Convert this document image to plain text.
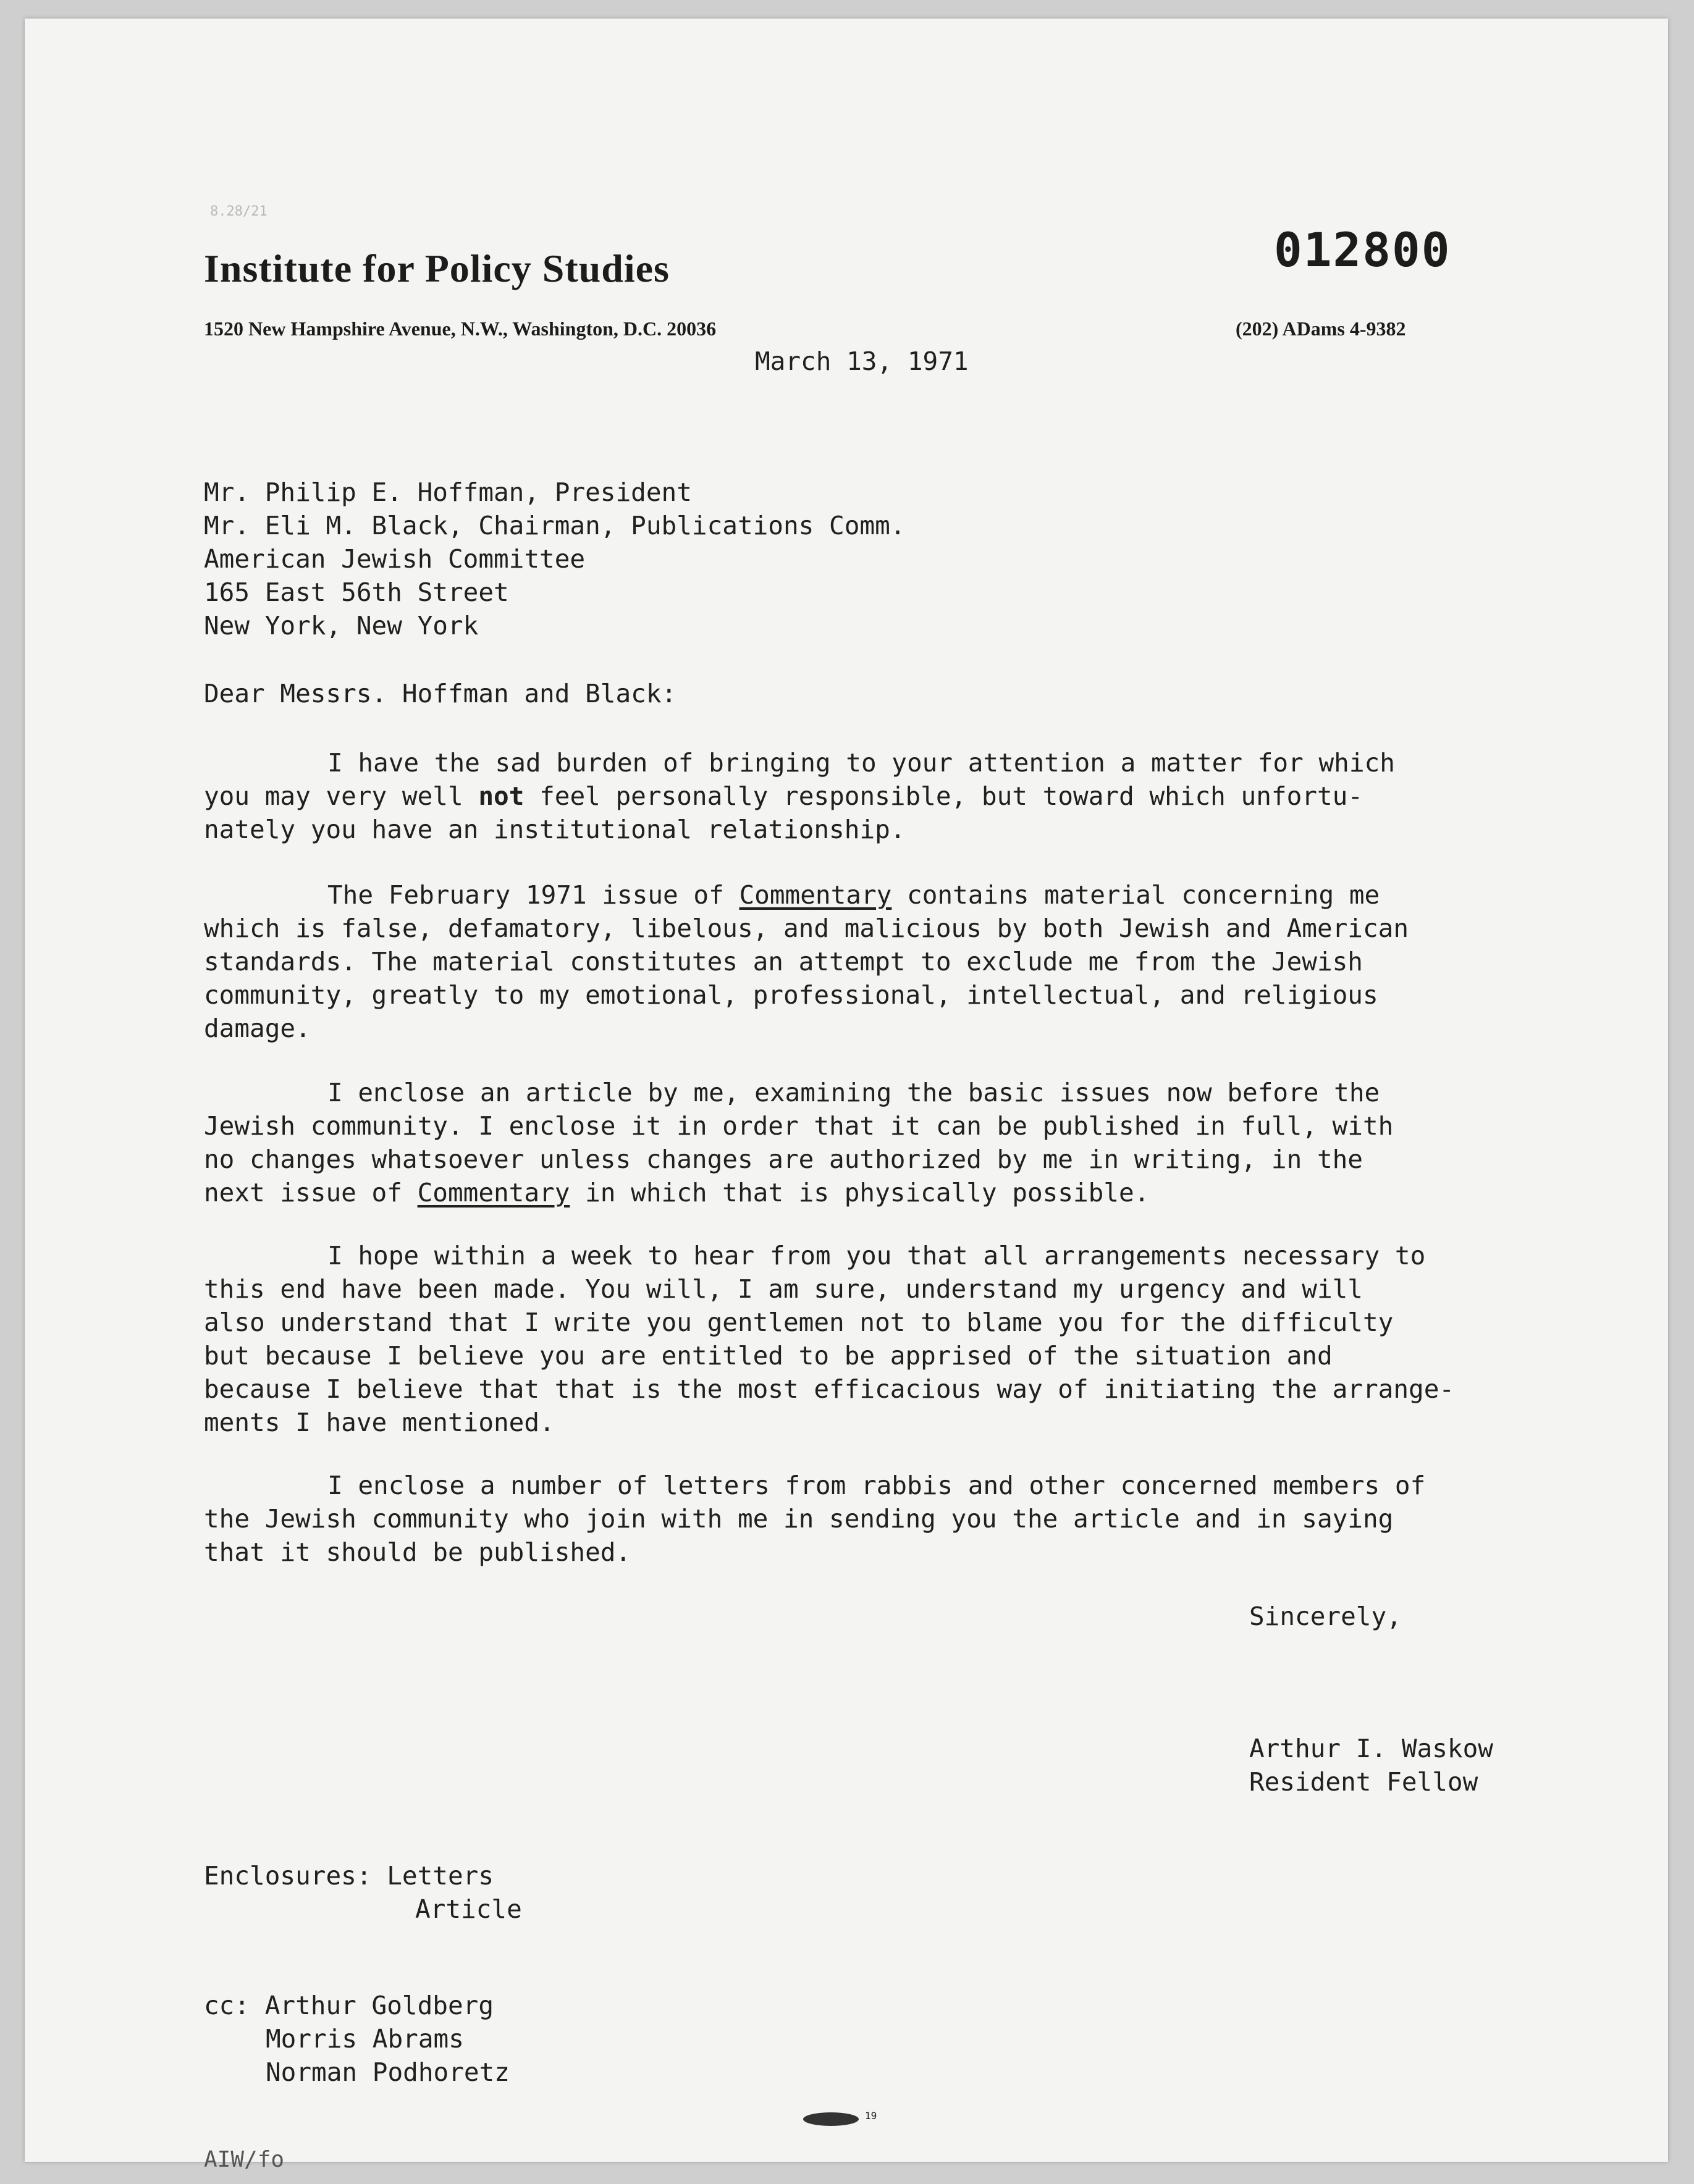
8.28/21
Institute for Policy Studies
1520 New Hampshire Avenue, N.W., Washington, D.C. 20036	(202) ADams 4-9382
012800
March 13, 1971
Mr. Philip E. Hoffman, President
Mr. Eli M. Black, Chairman, Publications Comm.
American Jewish Committee
165 East 56th Street
New York, New York
Dear Messrs. Hoffman and Black:
I have the sad burden of bringing to your attention a matter for which
you may very well not feel personally responsible, but toward which unfortu-
nately you have an institutional relationship.
The February 1971 issue of Commentary contains material concerning me
which is false, defamatory, libelous, and malicious by both Jewish and American
standards. The material constitutes an attempt to exclude me from the Jewish
community, greatly to my emotional, professional, intellectual, and religious
damage.
I enclose an article by me, examining the basic issues now before the
Jewish community. I enclose it in order that it can be published in full, with
no changes whatsoever unless changes are authorized by me in writing, in the
next issue of Commentary in which that is physically possible.
I hope within a week to hear from you that all arrangements necessary to
this end have been made. You will, I am sure, understand my urgency and will
also understand that I write you gentlemen not to blame you for the difficulty
but because I believe you are entitled to be apprised of the situation and
because I believe that that is the most efficacious way of initiating the arrange-
ments I have mentioned.
I enclose a number of letters from rabbis and other concerned members of
the Jewish community who join with me in sending you the article and in saying
that it should be published.
Sincerely,
Arthur I. Waskow
Resident Fellow
Enclosures: Letters
Article
cc: Arthur Goldberg
Morris Abrams
Norman Podhoretz
19
AIW/fo
